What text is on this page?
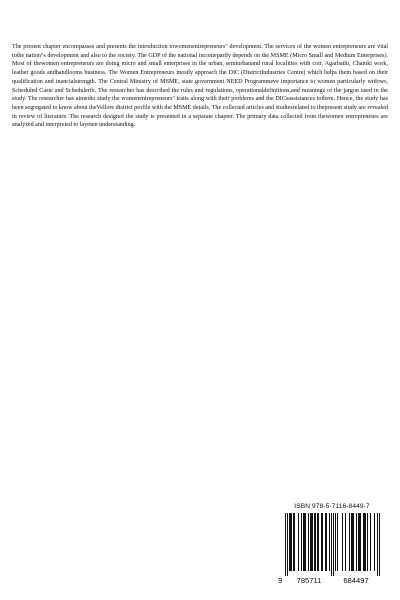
The present chapter encompasses and presents the introduction towomenentrepreneurs" development. The services of the women entrepreneurs are vital tothe nation"s development and also to the society. The GDP of the national incomepartly depends on the MSME (Micro Small and Medium Enterprises). Most of thewomen entrepreneurs are doing micro and small enterprises in the urban, semiurbanand rural localities with coir, Agarbathi, Chamki work, leather goods andhandlooms business. The Women Entrepreneurs mostly approach the DIC (DistrictIndustries Centre) which helps them based on their qualification and inancialstrength. The Central Ministry of MSME, state government NEED Programmeve importance to women particularly widows, Scheduled Caste and Schedulerib. The researcher has described the rules and regulations, operationaldefinitions,and meanings of the jargon used in the study. The researcher has aimedto study the womenentrepreneurs" traits along with their problems and the DICsassistances tothem. Hence, the study has been segregated to know about theVellore district profile with the MSME details. The collected articles and studiesrelated to thepresent study are revealed in review of literature. The research designof the study is presented in a separate chapter. The primary data collected from thewomen entrepreneurs are analyzed and interpreted to laymen understanding.

ISBN 978-5-7116-8449-7
9 785711	684497
